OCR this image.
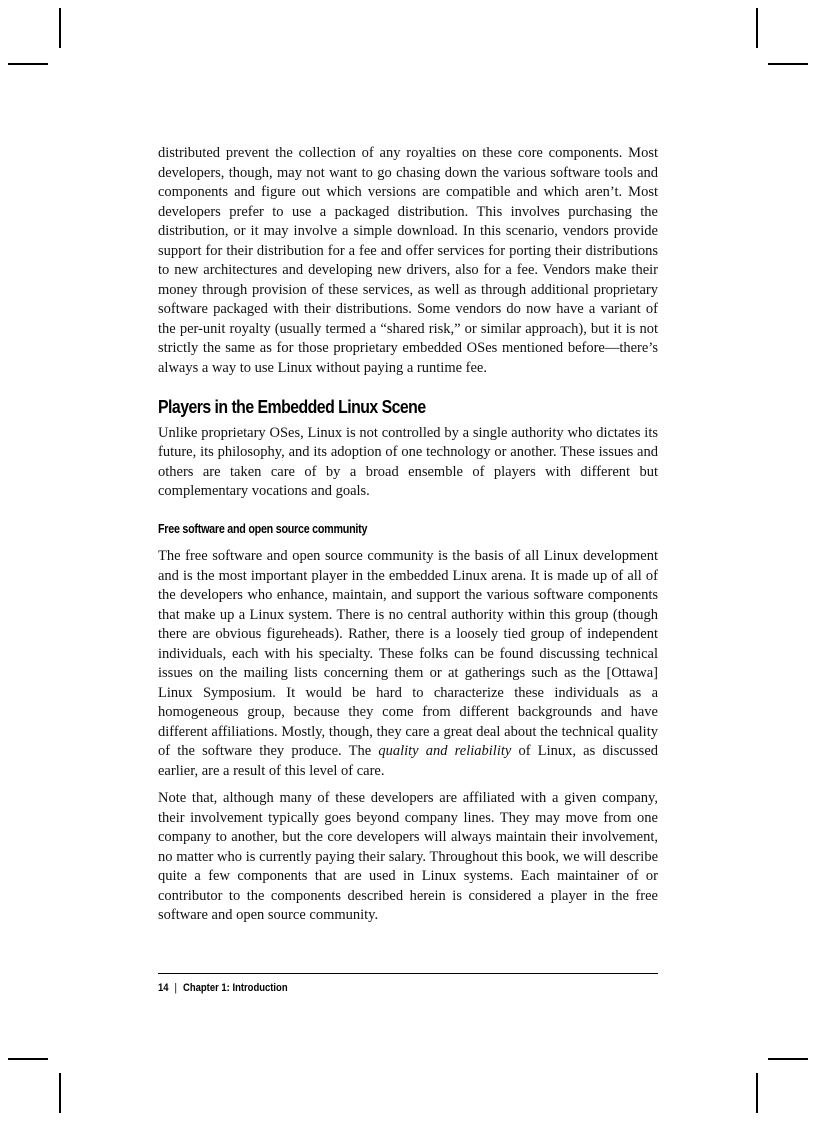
distributed prevent the collection of any royalties on these core components. Most developers, though, may not want to go chasing down the various software tools and components and figure out which versions are compatible and which aren’t. Most developers prefer to use a packaged distribution. This involves purchasing the distribution, or it may involve a simple download. In this scenario, vendors provide support for their distribution for a fee and offer services for porting their distributions to new architectures and developing new drivers, also for a fee. Vendors make their money through provision of these services, as well as through additional proprietary software packaged with their distributions. Some vendors do now have a variant of the per-unit royalty (usually termed a “shared risk,” or similar approach), but it is not strictly the same as for those proprietary embedded OSes mentioned before—there’s always a way to use Linux without paying a runtime fee.

Players in the Embedded Linux Scene

Unlike proprietary OSes, Linux is not controlled by a single authority who dictates its future, its philosophy, and its adoption of one technology or another. These issues and others are taken care of by a broad ensemble of players with different but complementary vocations and goals.

Free software and open source community

The free software and open source community is the basis of all Linux development and is the most important player in the embedded Linux arena. It is made up of all of the developers who enhance, maintain, and support the various software components that make up a Linux system. There is no central authority within this group (though there are obvious figureheads). Rather, there is a loosely tied group of independent individuals, each with his specialty. These folks can be found discussing technical issues on the mailing lists concerning them or at gatherings such as the [Ottawa] Linux Symposium. It would be hard to characterize these individuals as a homogeneous group, because they come from different backgrounds and have different affiliations. Mostly, though, they care a great deal about the technical quality of the software they produce. The quality and reliability of Linux, as discussed earlier, are a result of this level of care.

Note that, although many of these developers are affiliated with a given company, their involvement typically goes beyond company lines. They may move from one company to another, but the core developers will always maintain their involvement, no matter who is currently paying their salary. Throughout this book, we will describe quite a few components that are used in Linux systems. Each maintainer of or contributor to the components described herein is considered a player in the free software and open source community.

14 | Chapter 1: Introduction
